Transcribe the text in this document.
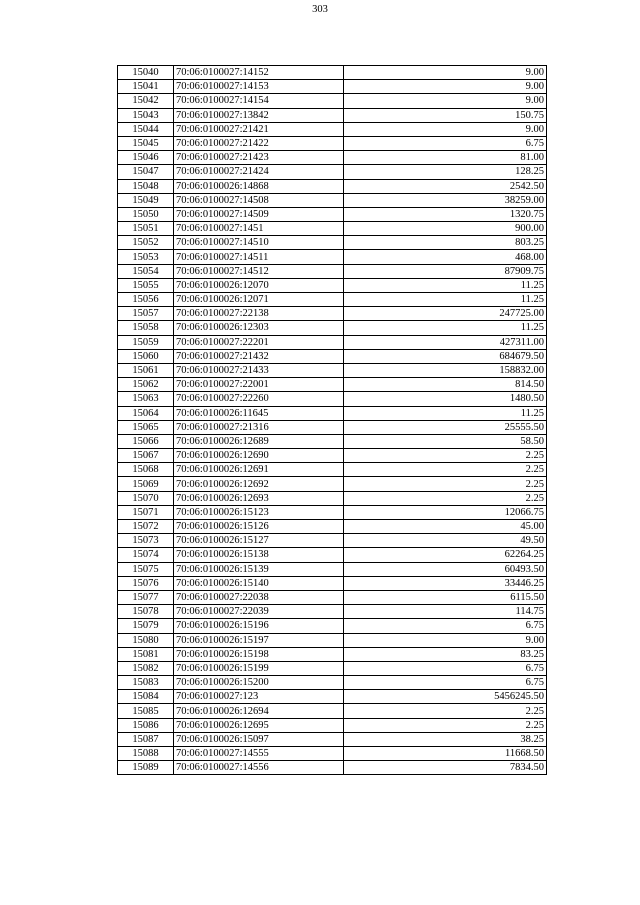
303
15040	70:06:0100027:14152	9.00
15041	70:06:0100027:14153	9.00
15042	70:06:0100027:14154	9.00
15043	70:06:0100027:13842	150.75
15044	70:06:0100027:21421	9.00
15045	70:06:0100027:21422	6.75
15046	70:06:0100027:21423	81.00
15047	70:06:0100027:21424	128.25
15048	70:06:0100026:14868	2542.50
15049	70:06:0100027:14508	38259.00
15050	70:06:0100027:14509	1320.75
15051	70:06:0100027:1451	900.00
15052	70:06:0100027:14510	803.25
15053	70:06:0100027:14511	468.00
15054	70:06:0100027:14512	87909.75
15055	70:06:0100026:12070	11.25
15056	70:06:0100026:12071	11.25
15057	70:06:0100027:22138	247725.00
15058	70:06:0100026:12303	11.25
15059	70:06:0100027:22201	427311.00
15060	70:06:0100027:21432	684679.50
15061	70:06:0100027:21433	158832.00
15062	70:06:0100027:22001	814.50
15063	70:06:0100027:22260	1480.50
15064	70:06:0100026:11645	11.25
15065	70:06:0100027:21316	25555.50
15066	70:06:0100026:12689	58.50
15067	70:06:0100026:12690	2.25
15068	70:06:0100026:12691	2.25
15069	70:06:0100026:12692	2.25
15070	70:06:0100026:12693	2.25
15071	70:06:0100026:15123	12066.75
15072	70:06:0100026:15126	45.00
15073	70:06:0100026:15127	49.50
15074	70:06:0100026:15138	62264.25
15075	70:06:0100026:15139	60493.50
15076	70:06:0100026:15140	33446.25
15077	70:06:0100027:22038	6115.50
15078	70:06:0100027:22039	114.75
15079	70:06:0100026:15196	6.75
15080	70:06:0100026:15197	9.00
15081	70:06:0100026:15198	83.25
15082	70:06:0100026:15199	6.75
15083	70:06:0100026:15200	6.75
15084	70:06:0100027:123	5456245.50
15085	70:06:0100026:12694	2.25
15086	70:06:0100026:12695	2.25
15087	70:06:0100026:15097	38.25
15088	70:06:0100027:14555	11668.50
15089	70:06:0100027:14556	7834.50
